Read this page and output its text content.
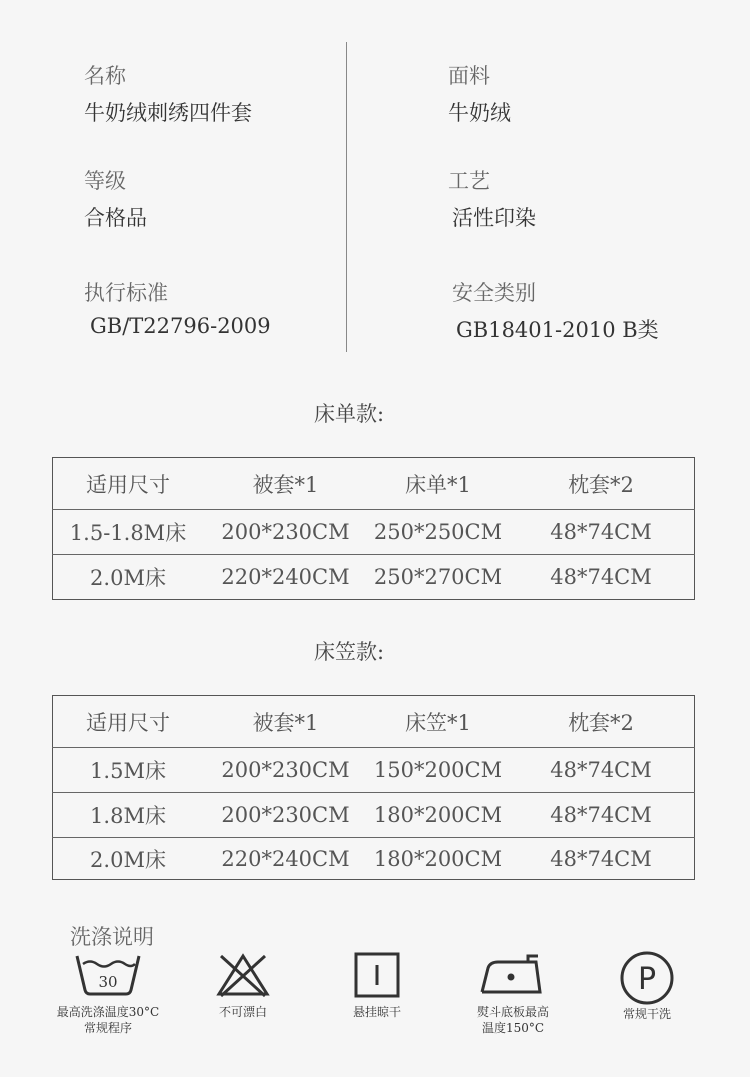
名称
牛奶绒刺绣四件套
等级
合格品
执行标准
GB/T22796-2009
面料
牛奶绒
工艺
活性印染
安全类别
GB18401-2010 B类
床单款:
适用尺寸	被套*1	床单*1	枕套*2
1.5-1.8M床	200*230CM	250*250CM	48*74CM
2.0M床	220*240CM	250*270CM	48*74CM
床笠款:
适用尺寸	被套*1	床笠*1	枕套*2
1.5M床	200*230CM	150*200CM	48*74CM
1.8M床	200*230CM	180*200CM	48*74CM
2.0M床	220*240CM	180*200CM	48*74CM
洗涤说明
30
最高洗涤温度30°C
常规程序
不可漂白	悬挂晾干	熨斗底板最高
温度150°C
P
常规干洗
